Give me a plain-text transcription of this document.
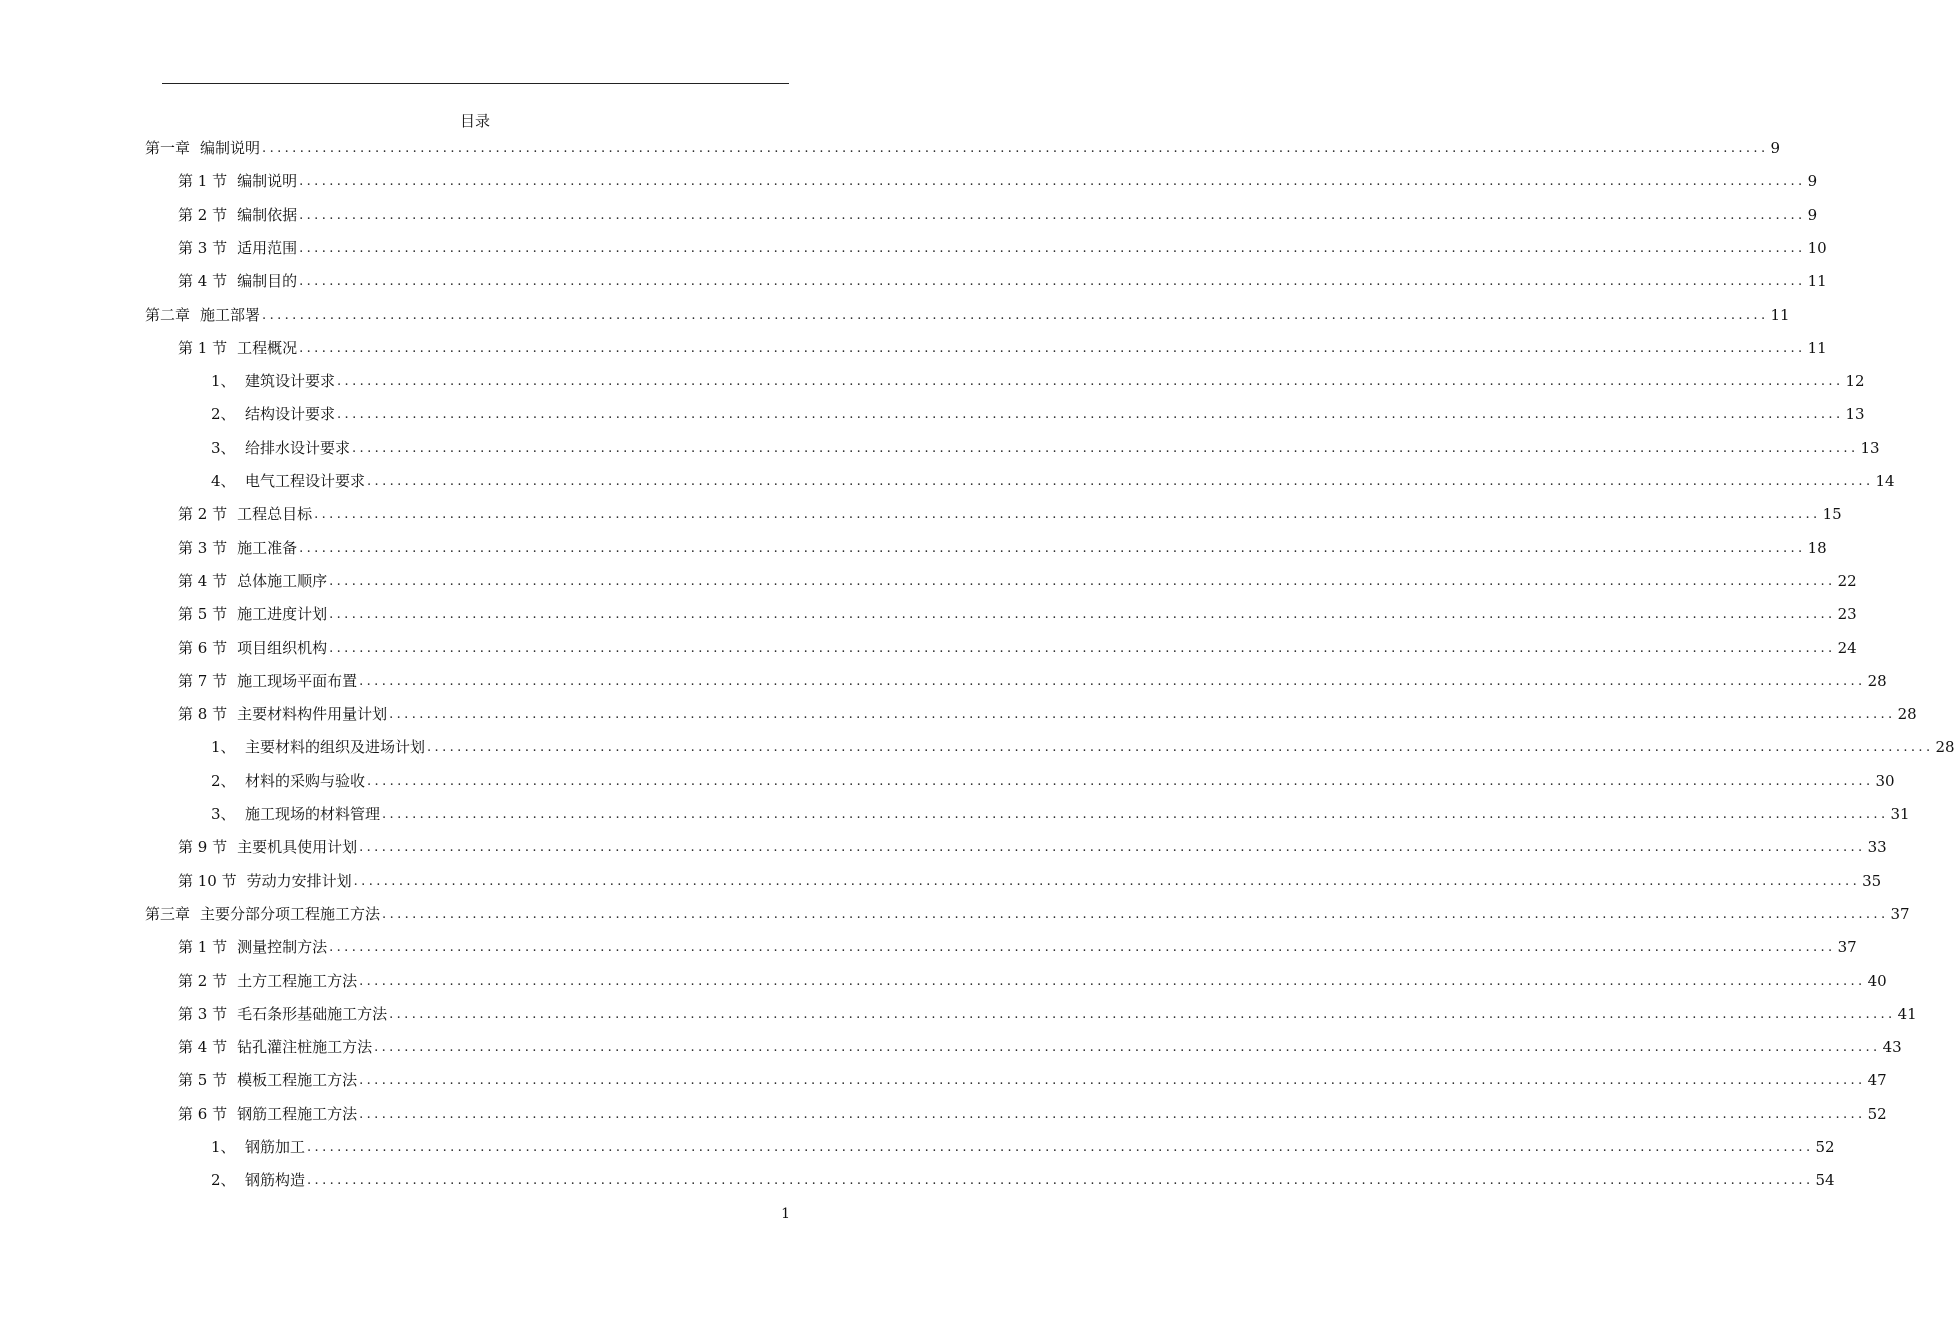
目录
第一章 编制说明 ........................................................................................................................................................................................................ 9
第 1 节 编制说明 ........................................................................................................................................................................................................ 9
第 2 节 编制依据 ........................................................................................................................................................................................................ 9
第 3 节 适用范围 ........................................................................................................................................................................................................ 10
第 4 节 编制目的 ........................................................................................................................................................................................................ 11
第二章 施工部署 ........................................................................................................................................................................................................ 11
第 1 节 工程概况 ........................................................................................................................................................................................................ 11
1、 建筑设计要求 ........................................................................................................................................................................................................ 12
2、 结构设计要求 ........................................................................................................................................................................................................ 13
3、 给排水设计要求 ........................................................................................................................................................................................................ 13
4、 电气工程设计要求 ........................................................................................................................................................................................................ 14
第 2 节 工程总目标 ........................................................................................................................................................................................................ 15
第 3 节 施工准备 ........................................................................................................................................................................................................ 18
第 4 节 总体施工顺序 ........................................................................................................................................................................................................ 22
第 5 节 施工进度计划 ........................................................................................................................................................................................................ 23
第 6 节 项目组织机构 ........................................................................................................................................................................................................ 24
第 7 节 施工现场平面布置 ........................................................................................................................................................................................................ 28
第 8 节 主要材料构件用量计划 ........................................................................................................................................................................................................ 28
1、 主要材料的组织及进场计划 ........................................................................................................................................................................................................ 28
2、 材料的采购与验收 ........................................................................................................................................................................................................ 30
3、 施工现场的材料管理 ........................................................................................................................................................................................................ 31
第 9 节 主要机具使用计划 ........................................................................................................................................................................................................ 33
第 10 节 劳动力安排计划 ........................................................................................................................................................................................................ 35
第三章 主要分部分项工程施工方法 ........................................................................................................................................................................................................ 37
第 1 节 测量控制方法 ........................................................................................................................................................................................................ 37
第 2 节 土方工程施工方法 ........................................................................................................................................................................................................ 40
第 3 节 毛石条形基础施工方法 ........................................................................................................................................................................................................ 41
第 4 节 钻孔灌注桩施工方法 ........................................................................................................................................................................................................ 43
第 5 节 模板工程施工方法 ........................................................................................................................................................................................................ 47
第 6 节 钢筋工程施工方法 ........................................................................................................................................................................................................ 52
1、 钢筋加工 ........................................................................................................................................................................................................ 52
2、 钢筋构造 ........................................................................................................................................................................................................ 54
1
